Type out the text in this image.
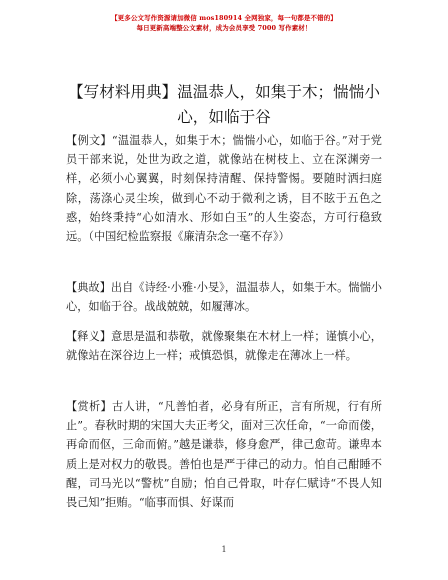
【更多公文写作资源请加微信 mos180914 全网独家，每一句都是不错的】
每日更新高端整公文素材，成为会员享受 7000 写作素材！
【写材料用典】温温恭人，如集于木；惴惴小心，如临于谷

【例文】“温温恭人，如集于木；惴惴小心，如临于谷。”对于党员干部来说，处世为政之道，就像站在树枝上、立在深渊旁一样，必须小心翼翼，时刻保持清醒、保持警惕。要随时洒扫庭除，荡涤心灵尘埃，做到心不动于微利之诱，目不眩于五色之惑，始终秉持“心如清水、形如白玉”的人生姿态，方可行稳致远。（中国纪检监察报《廉清杂念一毫不存》）

【典故】出自《诗经·小雅·小旻》，温温恭人，如集于木。惴惴小心，如临于谷。战战兢兢，如履薄冰。

【释义】意思是温和恭敬，就像聚集在木材上一样；谨慎小心，就像站在深谷边上一样；戒慎恐惧，就像走在薄冰上一样。

【赏析】古人讲，“凡善怕者，必身有所正，言有所规，行有所止”。春秋时期的宋国大夫正考父，面对三次任命，“一命而偻，再命而伛，三命而俯。”越是谦恭，修身愈严，律己愈苛。谦卑本质上是对权力的敬畏。善怕也是严于律己的动力。怕自己酣睡不醒，司马光以“警枕”自励；怕自己骨取，叶存仁赋诗“不畏人知畏己知”拒贿。“临事而惧、好谋而

1
